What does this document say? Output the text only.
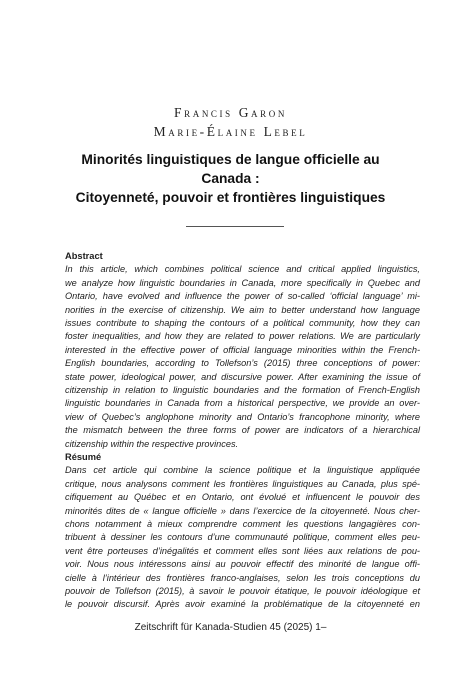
Francis Garon
Marie-Élaine Lebel
Minorités linguistiques de langue officielle au
Canada :
Citoyenneté, pouvoir et frontières linguistiques
Abstract
In this article, which combines political science and critical applied linguistics,
we analyze how linguistic boundaries in Canada, more specifically in Quebec and
Ontario, have evolved and influence the power of so-called ‘official language’ mi-
norities in the exercise of citizenship. We aim to better understand how language
issues contribute to shaping the contours of a political community, how they can
foster inequalities, and how they are related to power relations. We are particularly
interested in the effective power of official language minorities within the French-
English boundaries, according to Tollefson’s (2015) three conceptions of power:
state power, ideological power, and discursive power. After examining the issue of
citizenship in relation to linguistic boundaries and the formation of French-English
linguistic boundaries in Canada from a historical perspective, we provide an over-
view of Quebec’s anglophone minority and Ontario’s francophone minority, where
the mismatch between the three forms of power are indicators of a hierarchical
citizenship within the respective provinces.
Résumé
Dans cet article qui combine la science politique et la linguistique appliquée
critique, nous analysons comment les frontières linguistiques au Canada, plus spé-
cifiquement au Québec et en Ontario, ont évolué et influencent le pouvoir des
minorités dites de « langue officielle » dans l’exercice de la citoyenneté. Nous cher-
chons notamment à mieux comprendre comment les questions langagières con-
tribuent à dessiner les contours d’une communauté politique, comment elles peu-
vent être porteuses d’inégalités et comment elles sont liées aux relations de pou-
voir. Nous nous intéressons ainsi au pouvoir effectif des minorité de langue offi-
cielle à l’intérieur des frontières franco-anglaises, selon les trois conceptions du
pouvoir de Tollefson (2015), à savoir le pouvoir étatique, le pouvoir idéologique et
le pouvoir discursif. Après avoir examiné la problématique de la citoyenneté en
Zeitschrift für Kanada-Studien 45 (2025) 1–
